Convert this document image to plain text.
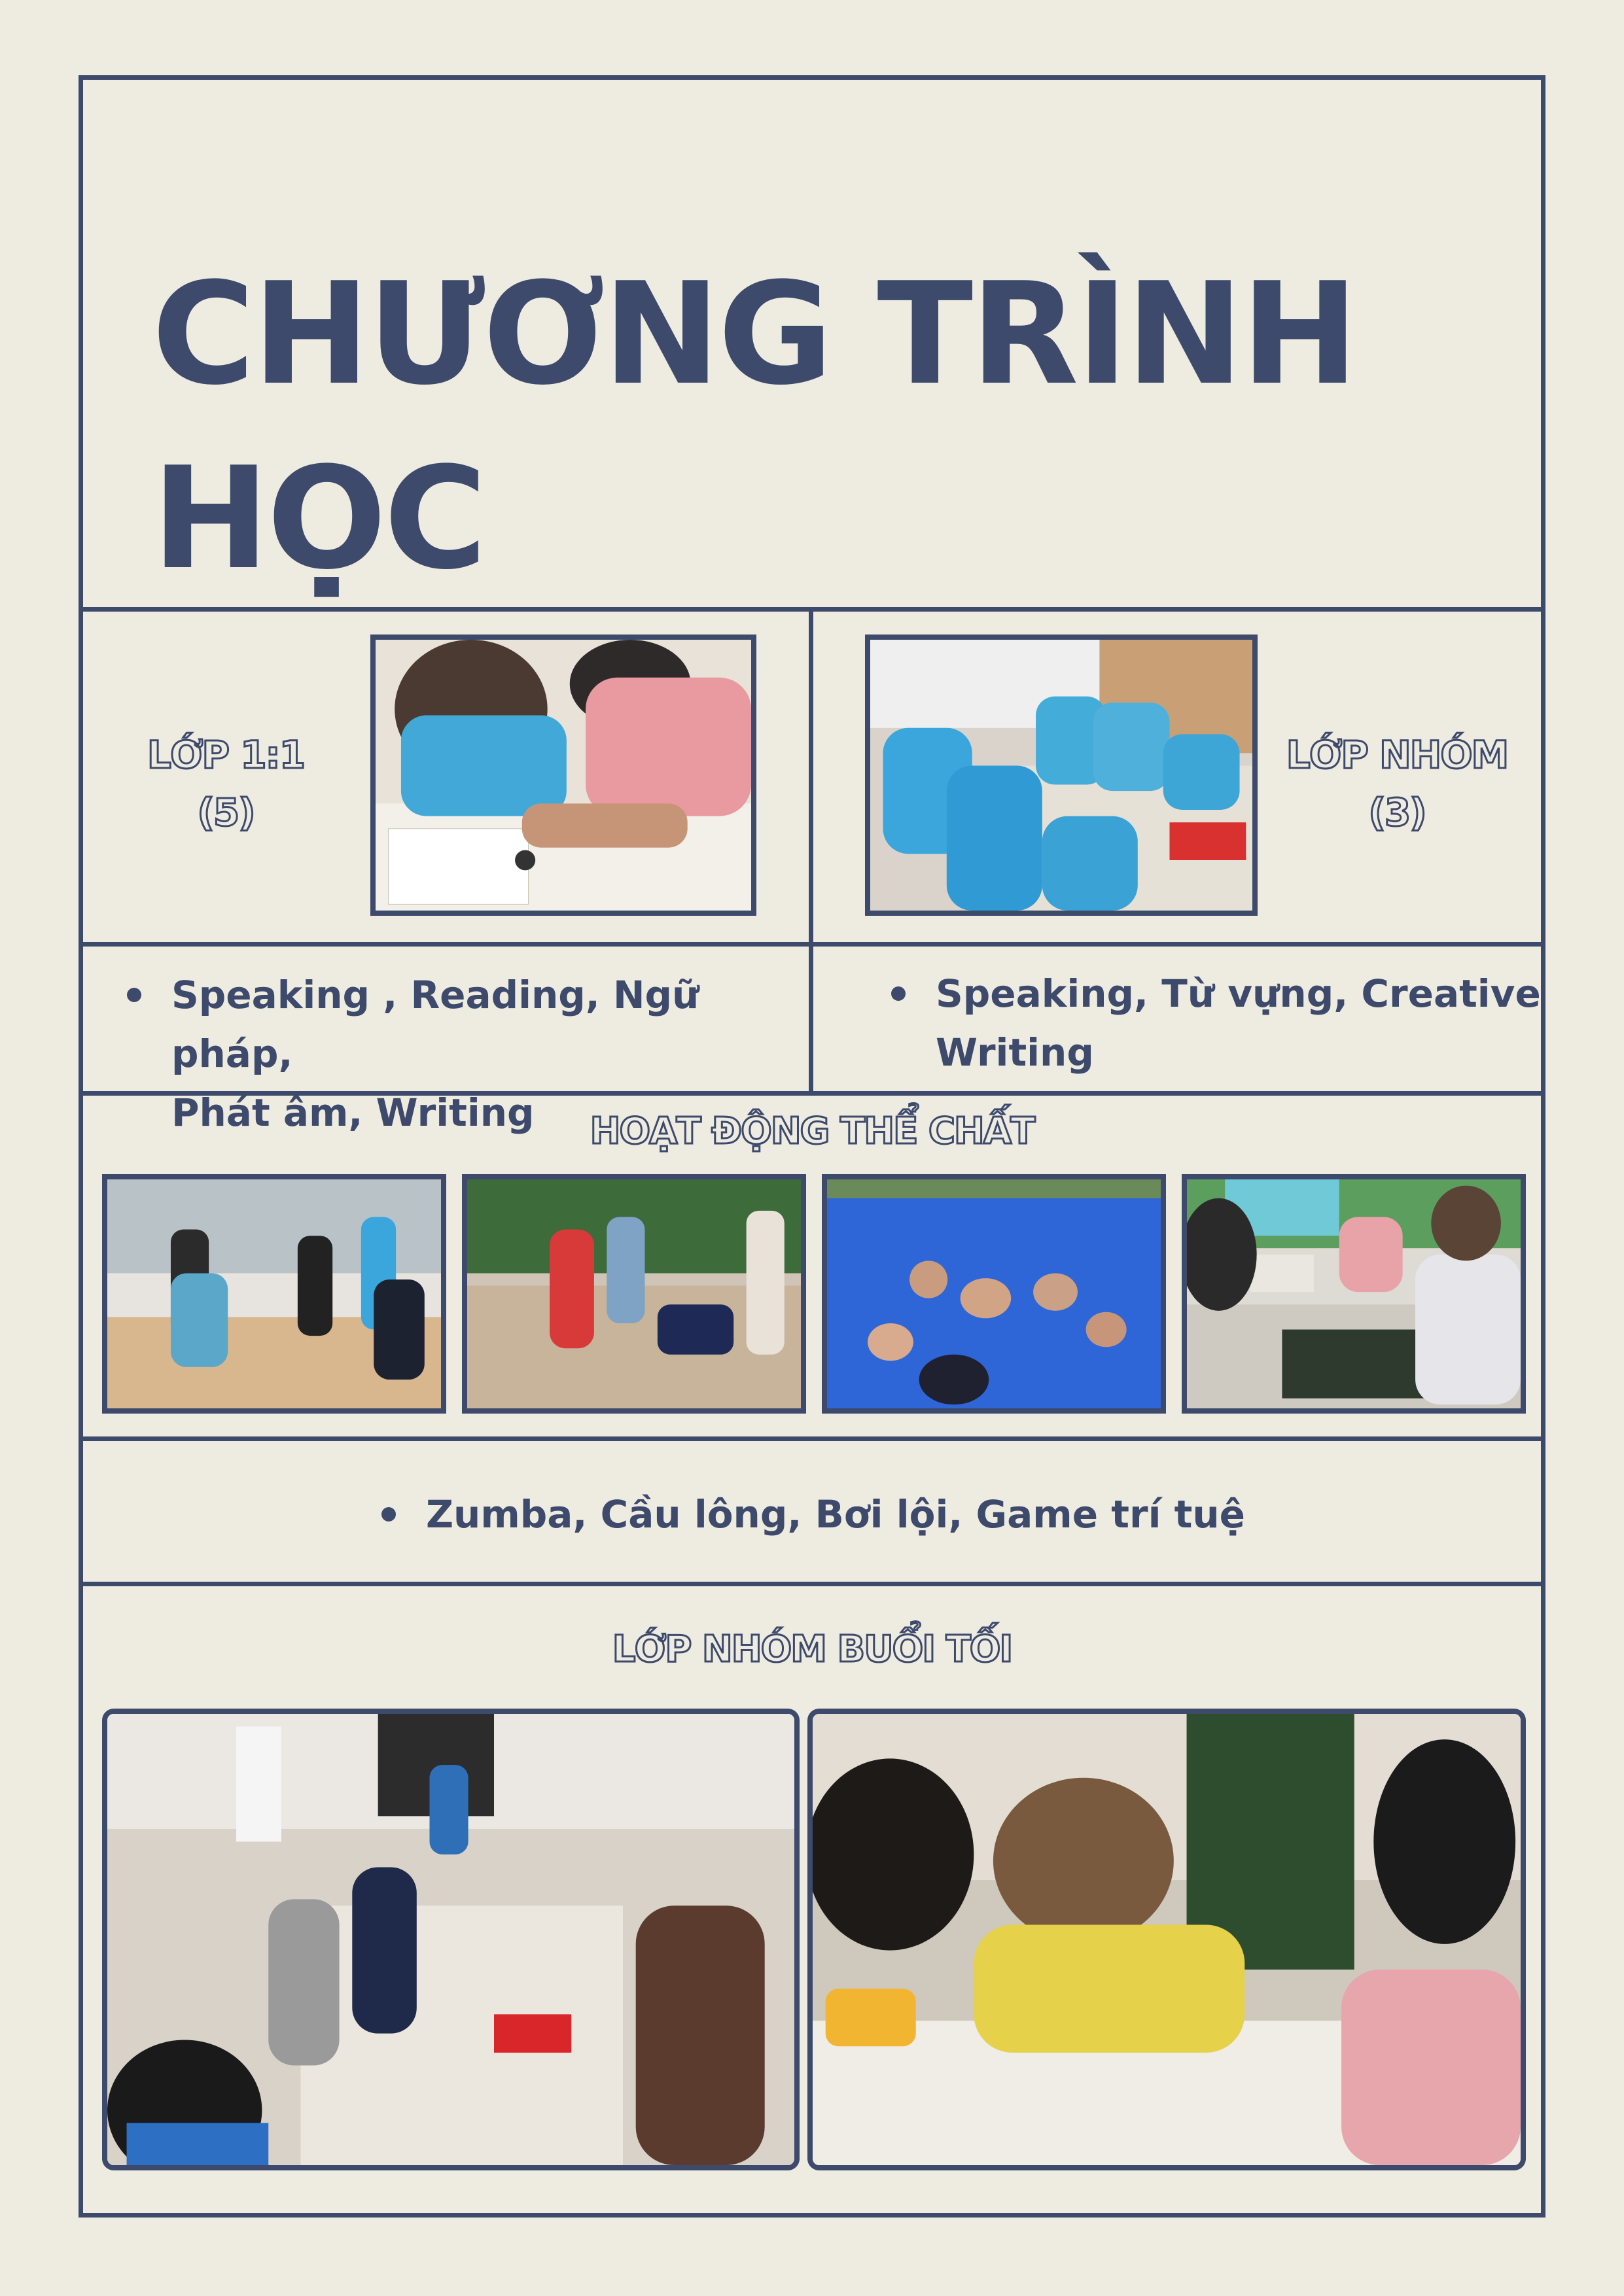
CHƯƠNG TRÌNH
HỌC
LỚP 1:1
(5)
LỚP NHÓM
(3)
Speaking , Reading, Ngữ pháp,
Phát âm, Writing
Speaking, Từ vựng, Creative
Writing
HOẠT ĐỘNG THỂ CHẤT
Zumba, Cầu lông, Bơi lội, Game trí tuệ
LỚP NHÓM BUỔI TỐI
